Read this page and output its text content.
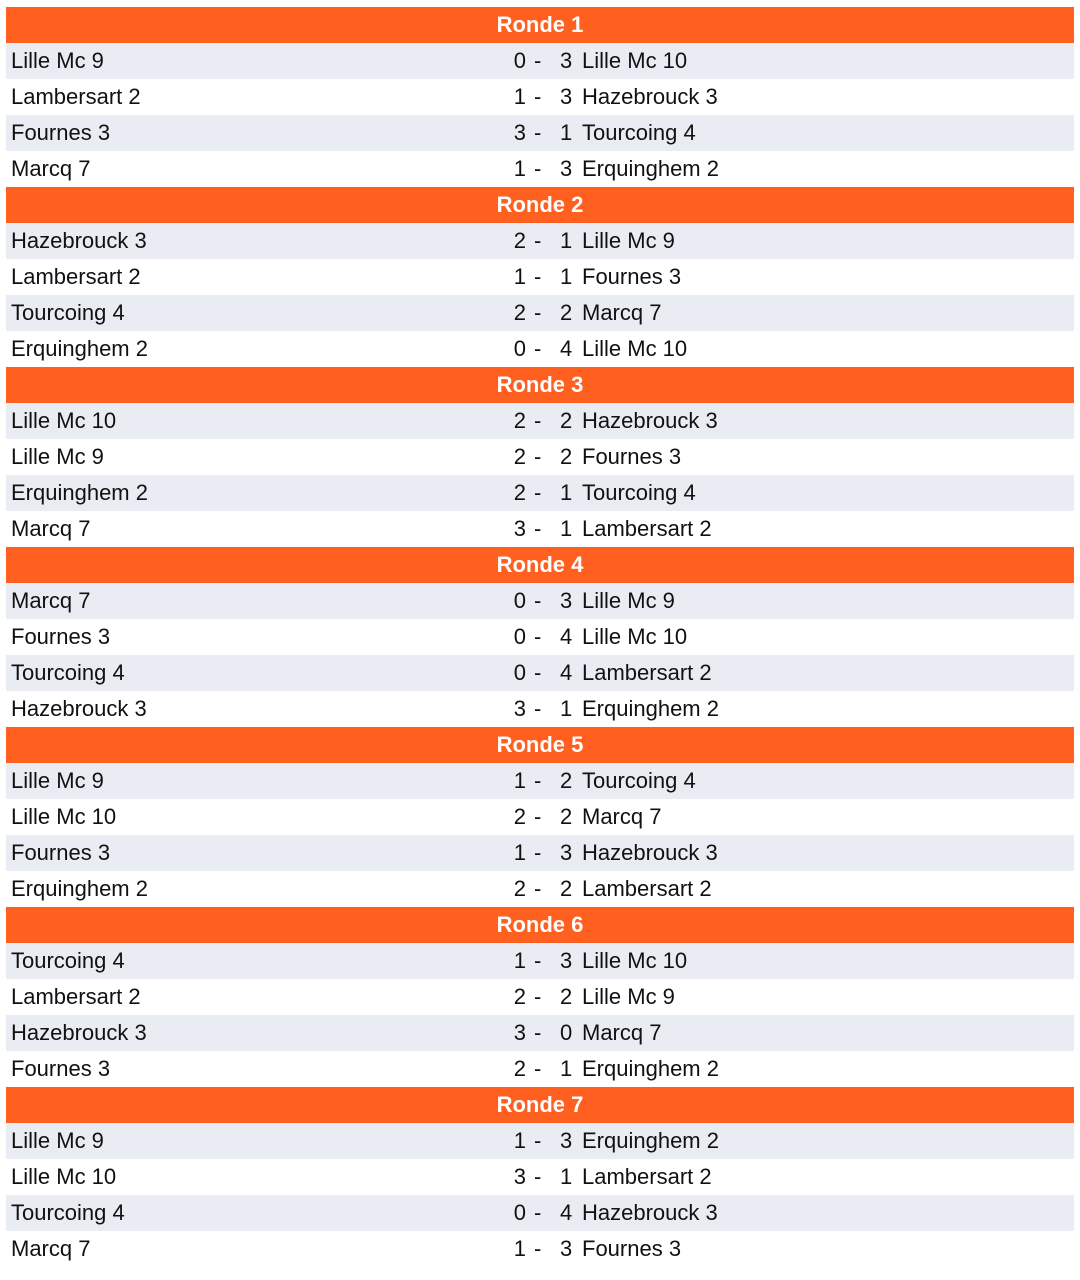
Ronde 1
Lille Mc 9	0 - 3 Lille Mc 10
Lambersart 2	1 - 3 Hazebrouck 3
Fournes 3	3 - 1 Tourcoing 4
Marcq 7	1 - 3 Erquinghem 2
Ronde 2
Hazebrouck 3	2 - 1 Lille Mc 9
Lambersart 2	1 - 1 Fournes 3
Tourcoing 4	2 - 2 Marcq 7
Erquinghem 2	0 - 4 Lille Mc 10
Ronde 3
Lille Mc 10	2 - 2 Hazebrouck 3
Lille Mc 9	2 - 2 Fournes 3
Erquinghem 2	2 - 1 Tourcoing 4
Marcq 7	3 - 1 Lambersart 2
Ronde 4
Marcq 7	0 - 3 Lille Mc 9
Fournes 3	0 - 4 Lille Mc 10
Tourcoing 4	0 - 4 Lambersart 2
Hazebrouck 3	3 - 1 Erquinghem 2
Ronde 5
Lille Mc 9	1 - 2 Tourcoing 4
Lille Mc 10	2 - 2 Marcq 7
Fournes 3	1 - 3 Hazebrouck 3
Erquinghem 2	2 - 2 Lambersart 2
Ronde 6
Tourcoing 4	1 - 3 Lille Mc 10
Lambersart 2	2 - 2 Lille Mc 9
Hazebrouck 3	3 - 0 Marcq 7
Fournes 3	2 - 1 Erquinghem 2
Ronde 7
Lille Mc 9	1 - 3 Erquinghem 2
Lille Mc 10	3 - 1 Lambersart 2
Tourcoing 4	0 - 4 Hazebrouck 3
Marcq 7	1 - 3 Fournes 3
